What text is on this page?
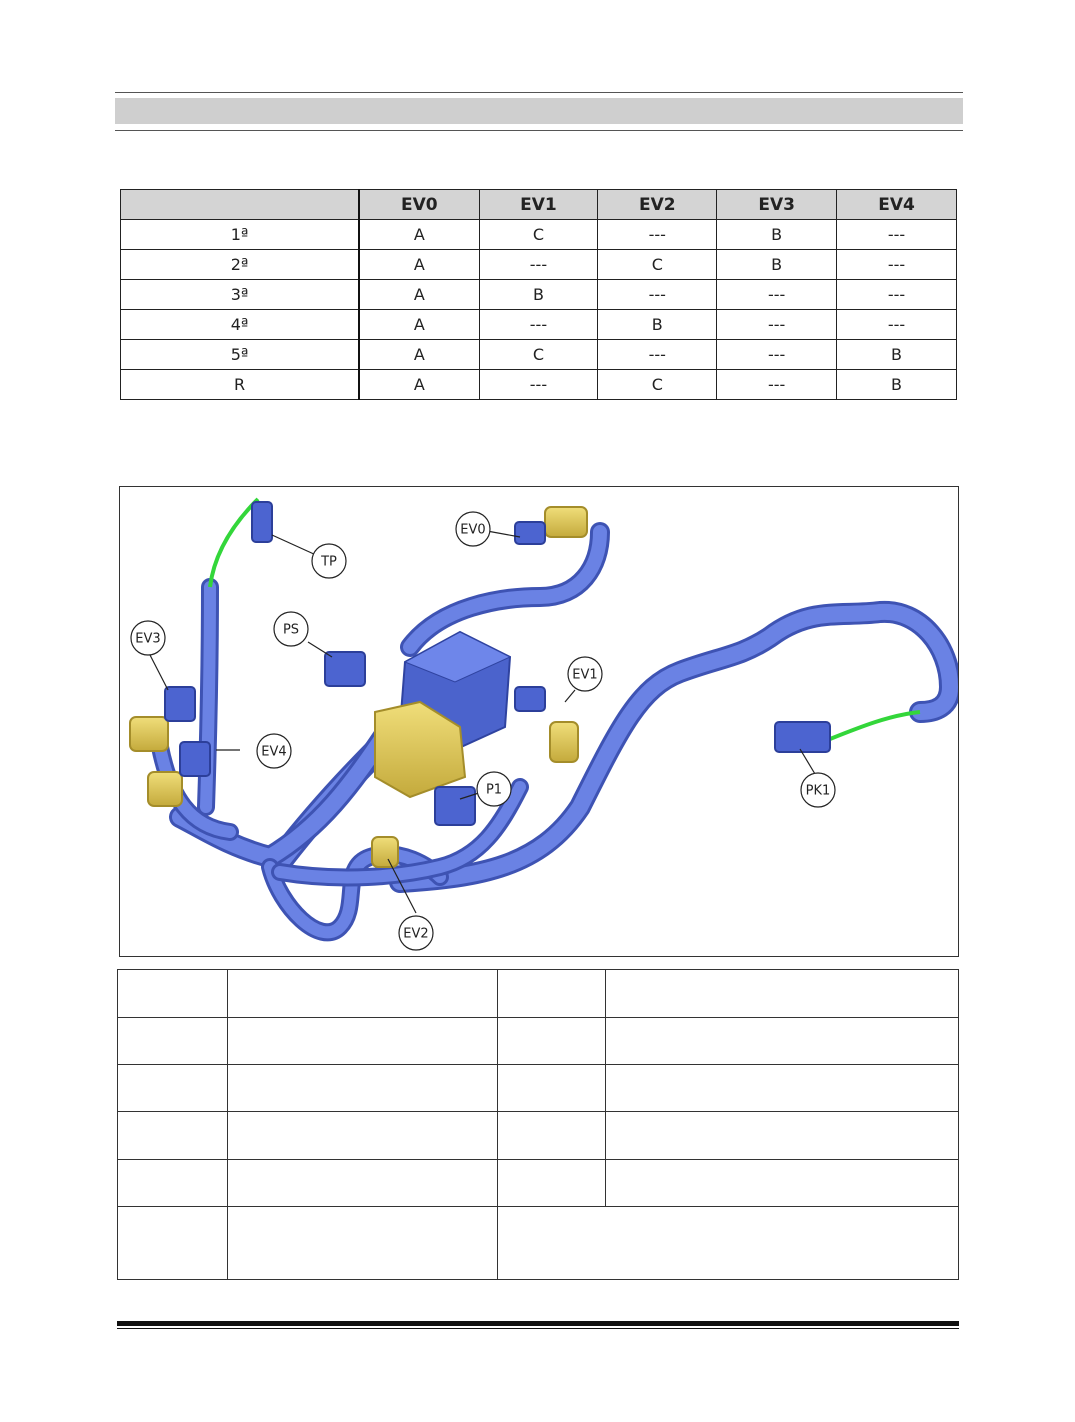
	EV0	EV1	EV2	EV3	EV4
1ª	A	C	---	B	---
2ª	A	---	C	B	---
3ª	A	B	---	---	---
4ª	A	---	B	---	---
5ª	A	C	---	---	B
R	A	---	C	---	B
TP
EV0
EV3
PS
EV1
EV4
P1	PK1
EV2
